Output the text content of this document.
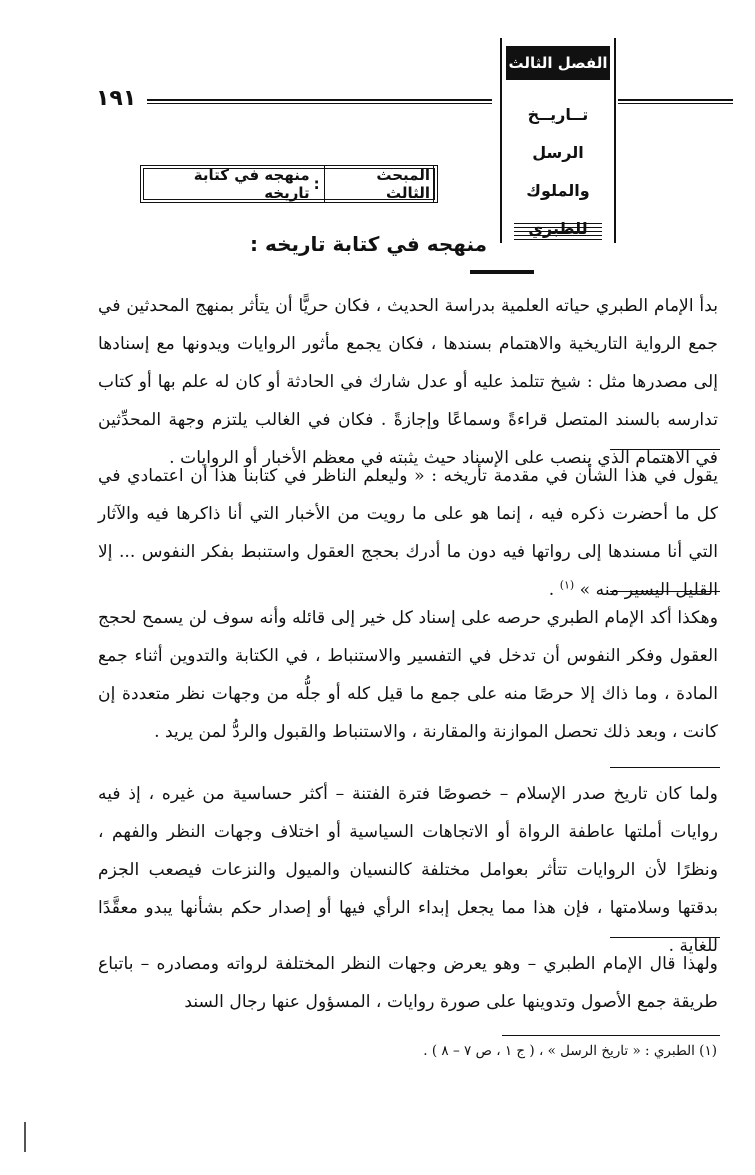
١٩١
الفصل الثالث
تــاريــخ الرسل
والملوك للطبري
المبحث الثالث
:
منهجه في كتابة تاريخه
منهجه في كتابة تاريخه :

بدأ الإمام الطبري حياته العلمية بدراسة الحديث ، فكان حريًّا أن يتأثر بمنهج المحدثين في جمع الرواية التاريخية والاهتمام بسندها ، فكان يجمع مأثور الروايات ويدونها مع إسنادها إلى مصدرها مثل : شيخ تتلمذ عليه أو عدل شارك في الحادثة أو كان له علم بها أو كتاب تدارسه بالسند المتصل قراءةً وسماعًا وإجازةً . فكان في الغالب يلتزم وجهة المحدِّثين في الاهتمام الذي ينصب على الإسناد حيث يثبته في معظم الأخبار أو الروايات .

يقول في هذا الشأن في مقدمة تأريخه : « وليعلم الناظر في كتابنا هذا أن اعتمادي في كل ما أحضرت ذكره فيه ، إنما هو على ما رويت من الأخبار التي أنا ذاكرها فيه والآثار التي أنا مسندها إلى رواتها فيه دون ما أدرك بحجج العقول واستنبط بفكر النفوس ... إلا القليل اليسير منه » $^{(١)}$ .

وهكذا أكد الإمام الطبري حرصه على إسناد كل خير إلى قائله وأنه سوف لن يسمح لحجج العقول وفكر النفوس أن تدخل في التفسير والاستنباط ، في الكتابة والتدوين أثناء جمع المادة ، وما ذاك إلا حرصًا منه على جمع ما قيل كله أو جلُّه من وجهات نظر متعددة إن كانت ، وبعد ذلك تحصل الموازنة والمقارنة ، والاستنباط والقبول والردُّ لمن يريد .

ولما كان تاريخ صدر الإسلام – خصوصًا فترة الفتنة – أكثر حساسية من غيره ، إذ فيه روايات أملتها عاطفة الرواة أو الاتجاهات السياسية أو اختلاف وجهات النظر والفهم ، ونظرًا لأن الروايات تتأثر بعوامل مختلفة كالنسيان والميول والنزعات فيصعب الجزم بدقتها وسلامتها ، فإن هذا مما يجعل إبداء الرأي فيها أو إصدار حكم بشأنها يبدو معقَّدًا للغاية .

ولهذا قال الإمام الطبري – وهو يعرض وجهات النظر المختلفة لرواته ومصادره – باتباع طريقة جمع الأصول وتدوينها على صورة روايات ، المسؤول عنها رجال السند

(١) الطبري : « تاريخ الرسل » ، ( ج ١ ، ص ٧ – ٨ ) .
